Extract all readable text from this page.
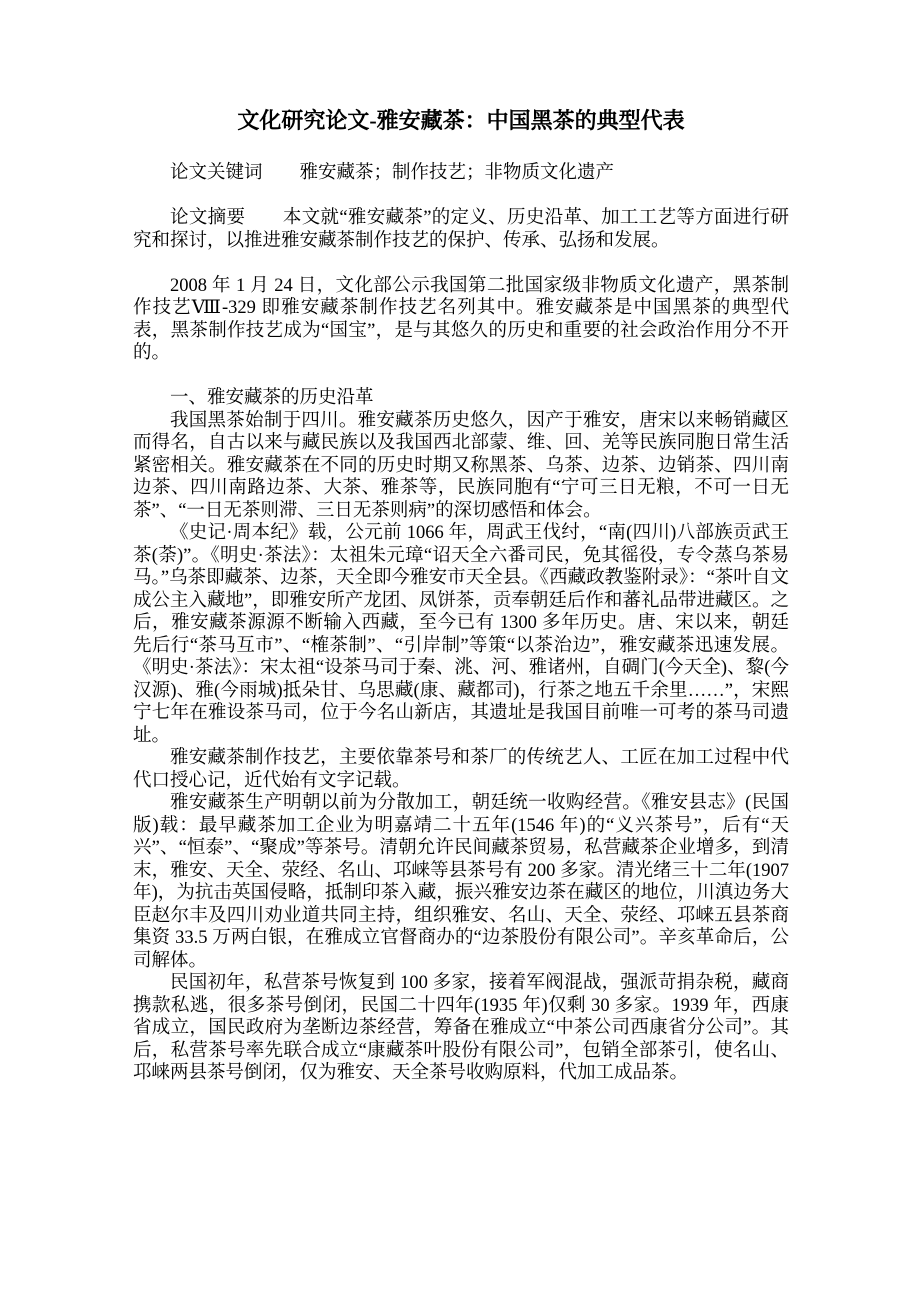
文化研究论文-雅安藏茶：中国黑茶的典型代表

论文关键词　　雅安藏茶；制作技艺；非物质文化遗产

论文摘要　　本文就“雅安藏茶”的定义、历史沿革、加工工艺等方面进行研究和探讨，以推进雅安藏茶制作技艺的保护、传承、弘扬和发展。

2008 年 1 月 24 日，文化部公示我国第二批国家级非物质文化遗产，黑茶制作技艺Ⅷ-329 即雅安藏茶制作技艺名列其中。雅安藏茶是中国黑茶的典型代表，黑茶制作技艺成为“国宝”，是与其悠久的历史和重要的社会政治作用分不开的。

一、雅安藏茶的历史沿革

我国黑茶始制于四川。雅安藏茶历史悠久，因产于雅安，唐宋以来畅销藏区而得名，自古以来与藏民族以及我国西北部蒙、维、回、羌等民族同胞日常生活紧密相关。雅安藏茶在不同的历史时期又称黑茶、乌茶、边茶、边销茶、四川南边茶、四川南路边茶、大茶、雅茶等，民族同胞有“宁可三日无粮，不可一日无茶”、“一日无茶则滞、三日无茶则病”的深切感悟和体会。

《史记·周本纪》载，公元前 1066 年，周武王伐纣，“南(四川)八部族贡武王茶(荼)”。《明史·茶法》：太祖朱元璋“诏天全六番司民，免其徭役，专令蒸乌茶易马。”乌茶即藏茶、边茶，天全即今雅安市天全县。《西藏政教鉴附录》：“茶叶自文成公主入藏地”，即雅安所产龙团、凤饼茶，贡奉朝廷后作和蕃礼品带进藏区。之后，雅安藏茶源源不断输入西藏，至今已有 1300 多年历史。唐、宋以来，朝廷先后行“茶马互市”、“榷茶制”、“引岸制”等策“以茶治边”，雅安藏茶迅速发展。《明史·茶法》：宋太祖“设茶马司于秦、洮、河、雅诸州，自碉门(今天全)、黎(今汉源)、雅(今雨城)抵朵甘、乌思藏(康、藏都司)，行茶之地五千余里……”，宋熙宁七年在雅设茶马司，位于今名山新店，其遗址是我国目前唯一可考的茶马司遗址。

雅安藏茶制作技艺，主要依靠茶号和茶厂的传统艺人、工匠在加工过程中代代口授心记，近代始有文字记载。

雅安藏茶生产明朝以前为分散加工，朝廷统一收购经营。《雅安县志》(民国版)载：最早藏茶加工企业为明嘉靖二十五年(1546 年)的“义兴茶号”，后有“天兴”、“恒泰”、“聚成”等茶号。清朝允许民间藏茶贸易，私营藏茶企业增多，到清末，雅安、天全、荥经、名山、邛崃等县茶号有 200 多家。清光绪三十二年(1907 年)，为抗击英国侵略，抵制印茶入藏，振兴雅安边茶在藏区的地位，川滇边务大臣赵尔丰及四川劝业道共同主持，组织雅安、名山、天全、荥经、邛崃五县茶商集资 33.5 万两白银，在雅成立官督商办的“边茶股份有限公司”。辛亥革命后，公司解体。

民国初年，私营茶号恢复到 100 多家，接着军阀混战，强派苛捐杂税，藏商携款私逃，很多茶号倒闭，民国二十四年(1935 年)仅剩 30 多家。1939 年，西康省成立，国民政府为垄断边茶经营，筹备在雅成立“中茶公司西康省分公司”。其后，私营茶号率先联合成立“康藏茶叶股份有限公司”，包销全部茶引，使名山、邛崃两县茶号倒闭，仅为雅安、天全茶号收购原料，代加工成品茶。
